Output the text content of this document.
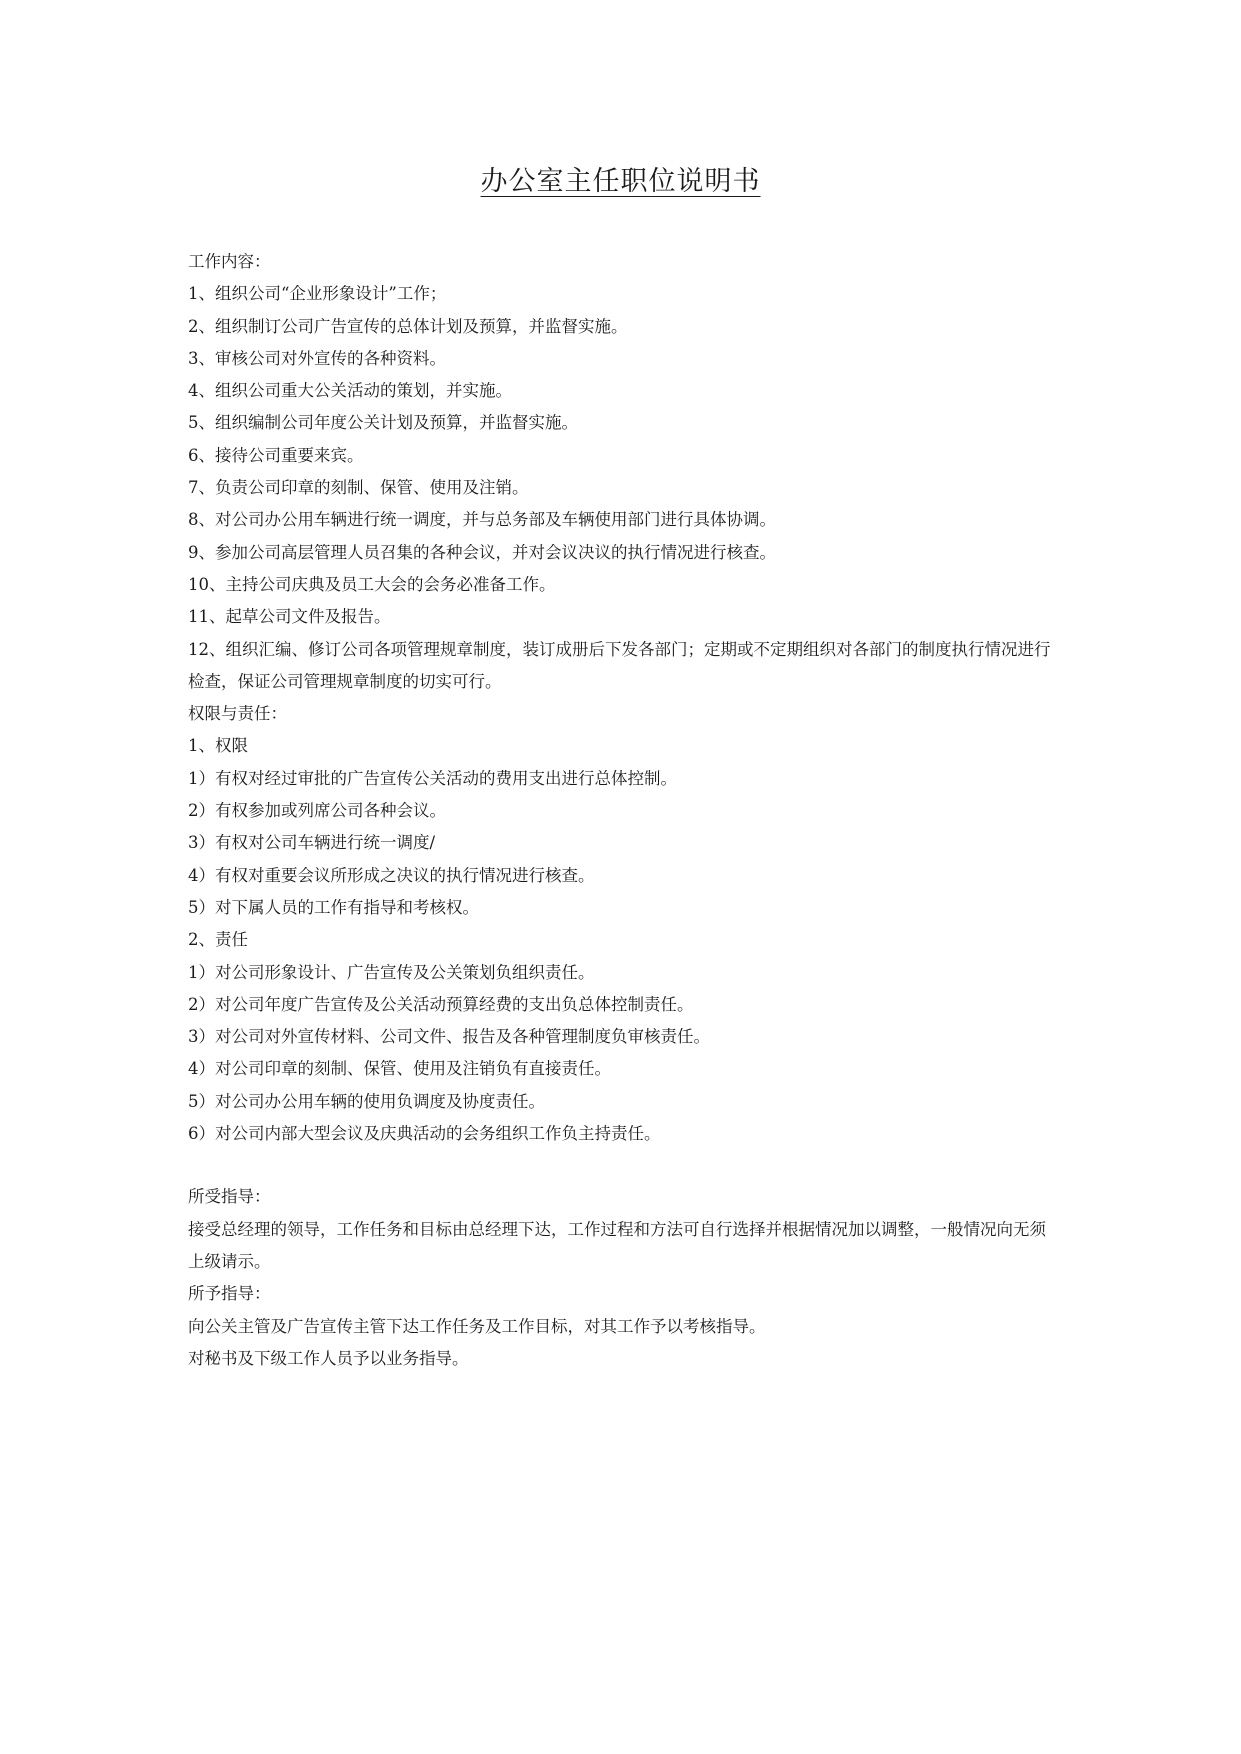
办公室主任职位说明书
工作内容：
1、组织公司“企业形象设计”工作；
2、组织制订公司广告宣传的总体计划及预算，并监督实施。
3、审核公司对外宣传的各种资料。
4、组织公司重大公关活动的策划，并实施。
5、组织编制公司年度公关计划及预算，并监督实施。
6、接待公司重要来宾。
7、负责公司印章的刻制、保管、使用及注销。
8、对公司办公用车辆进行统一调度，并与总务部及车辆使用部门进行具体协调。
9、参加公司高层管理人员召集的各种会议，并对会议决议的执行情况进行核查。
10、主持公司庆典及员工大会的会务必准备工作。
11、起草公司文件及报告。
12、组织汇编、修订公司各项管理规章制度，装订成册后下发各部门；定期或不定期组织对各部门的制度执行情况进行检查，保证公司管理规章制度的切实可行。
权限与责任：
1、权限
1）有权对经过审批的广告宣传公关活动的费用支出进行总体控制。
2）有权参加或列席公司各种会议。
3）有权对公司车辆进行统一调度/
4）有权对重要会议所形成之决议的执行情况进行核查。
5）对下属人员的工作有指导和考核权。
2、责任
1）对公司形象设计、广告宣传及公关策划负组织责任。
2）对公司年度广告宣传及公关活动预算经费的支出负总体控制责任。
3）对公司对外宣传材料、公司文件、报告及各种管理制度负审核责任。
4）对公司印章的刻制、保管、使用及注销负有直接责任。
5）对公司办公用车辆的使用负调度及协度责任。
6）对公司内部大型会议及庆典活动的会务组织工作负主持责任。
所受指导：
接受总经理的领导，工作任务和目标由总经理下达，工作过程和方法可自行选择并根据情况加以调整，一般情况向无须上级请示。
所予指导：
向公关主管及广告宣传主管下达工作任务及工作目标，对其工作予以考核指导。
对秘书及下级工作人员予以业务指导。
